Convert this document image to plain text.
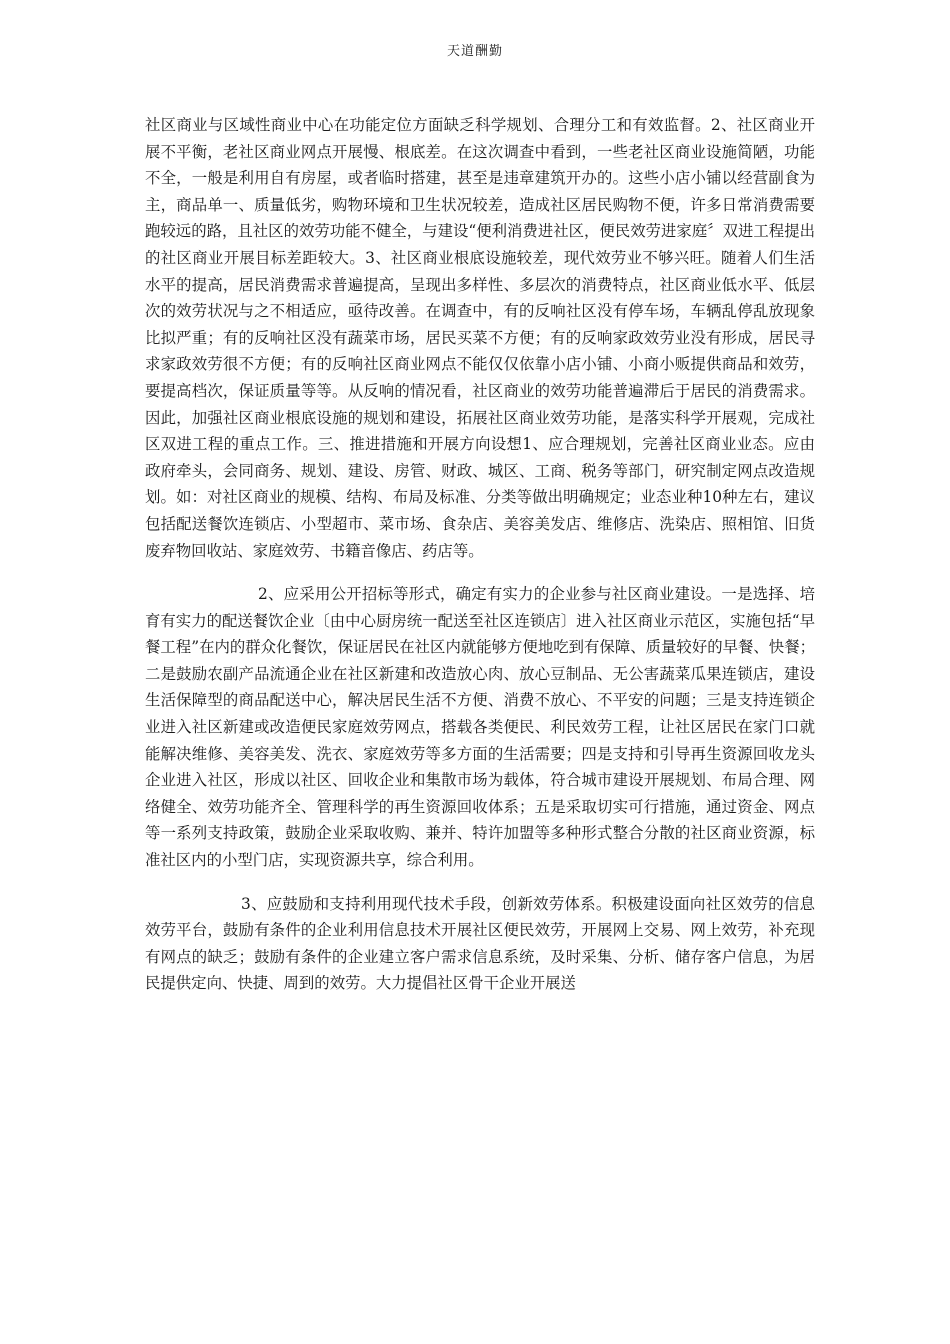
天道酬勤

社区商业与区域性商业中心在功能定位方面缺乏科学规划、合理分工和有效监督。2、社区商业开展不平衡，老社区商业网点开展慢、根底差。在这次调查中看到，一些老社区商业设施简陋，功能不全，一般是利用自有房屋，或者临时搭建，甚至是违章建筑开办的。这些小店小铺以经营副食为主，商品单一、质量低劣，购物环境和卫生状况较差，造成社区居民购物不便，许多日常消费需要跑较远的路，且社区的效劳功能不健全，与建设“便利消费进社区，便民效劳进家庭〞双进工程提出的社区商业开展目标差距较大。3、社区商业根底设施较差，现代效劳业不够兴旺。随着人们生活水平的提高，居民消费需求普遍提高，呈现出多样性、多层次的消费特点，社区商业低水平、低层次的效劳状况与之不相适应，亟待改善。在调查中，有的反响社区没有停车场，车辆乱停乱放现象比拟严重；有的反响社区没有蔬菜市场，居民买菜不方便；有的反响家政效劳业没有形成，居民寻求家政效劳很不方便；有的反响社区商业网点不能仅仅依靠小店小铺、小商小贩提供商品和效劳，要提高档次，保证质量等等。从反响的情况看，社区商业的效劳功能普遍滞后于居民的消费需求。因此，加强社区商业根底设施的规划和建设，拓展社区商业效劳功能，是落实科学开展观，完成社区双进工程的重点工作。三、推进措施和开展方向设想1、应合理规划，完善社区商业业态。应由政府牵头，会同商务、规划、建设、房管、财政、城区、工商、税务等部门，研究制定网点改造规划。如：对社区商业的规模、结构、布局及标准、分类等做出明确规定；业态业种10种左右，建议包括配送餐饮连锁店、小型超市、菜市场、食杂店、美容美发店、维修店、洗染店、照相馆、旧货废弃物回收站、家庭效劳、书籍音像店、药店等。

2、应采用公开招标等形式，确定有实力的企业参与社区商业建设。一是选择、培育有实力的配送餐饮企业〔由中心厨房统一配送至社区连锁店〕进入社区商业示范区，实施包括“早餐工程”在内的群众化餐饮，保证居民在社区内就能够方便地吃到有保障、质量较好的早餐、快餐；二是鼓励农副产品流通企业在社区新建和改造放心肉、放心豆制品、无公害蔬菜瓜果连锁店，建设生活保障型的商品配送中心，解决居民生活不方便、消费不放心、不平安的问题；三是支持连锁企业进入社区新建或改造便民家庭效劳网点，搭载各类便民、利民效劳工程，让社区居民在家门口就能解决维修、美容美发、洗衣、家庭效劳等多方面的生活需要；四是支持和引导再生资源回收龙头企业进入社区，形成以社区、回收企业和集散市场为载体，符合城市建设开展规划、布局合理、网络健全、效劳功能齐全、管理科学的再生资源回收体系；五是采取切实可行措施，通过资金、网点等一系列支持政策，鼓励企业采取收购、兼并、特许加盟等多种形式整合分散的社区商业资源，标准社区内的小型门店，实现资源共享，综合利用。

3、应鼓励和支持利用现代技术手段，创新效劳体系。积极建设面向社区效劳的信息效劳平台，鼓励有条件的企业利用信息技术开展社区便民效劳，开展网上交易、网上效劳，补充现有网点的缺乏；鼓励有条件的企业建立客户需求信息系统，及时采集、分析、储存客户信息，为居民提供定向、快捷、周到的效劳。大力提倡社区骨干企业开展送
